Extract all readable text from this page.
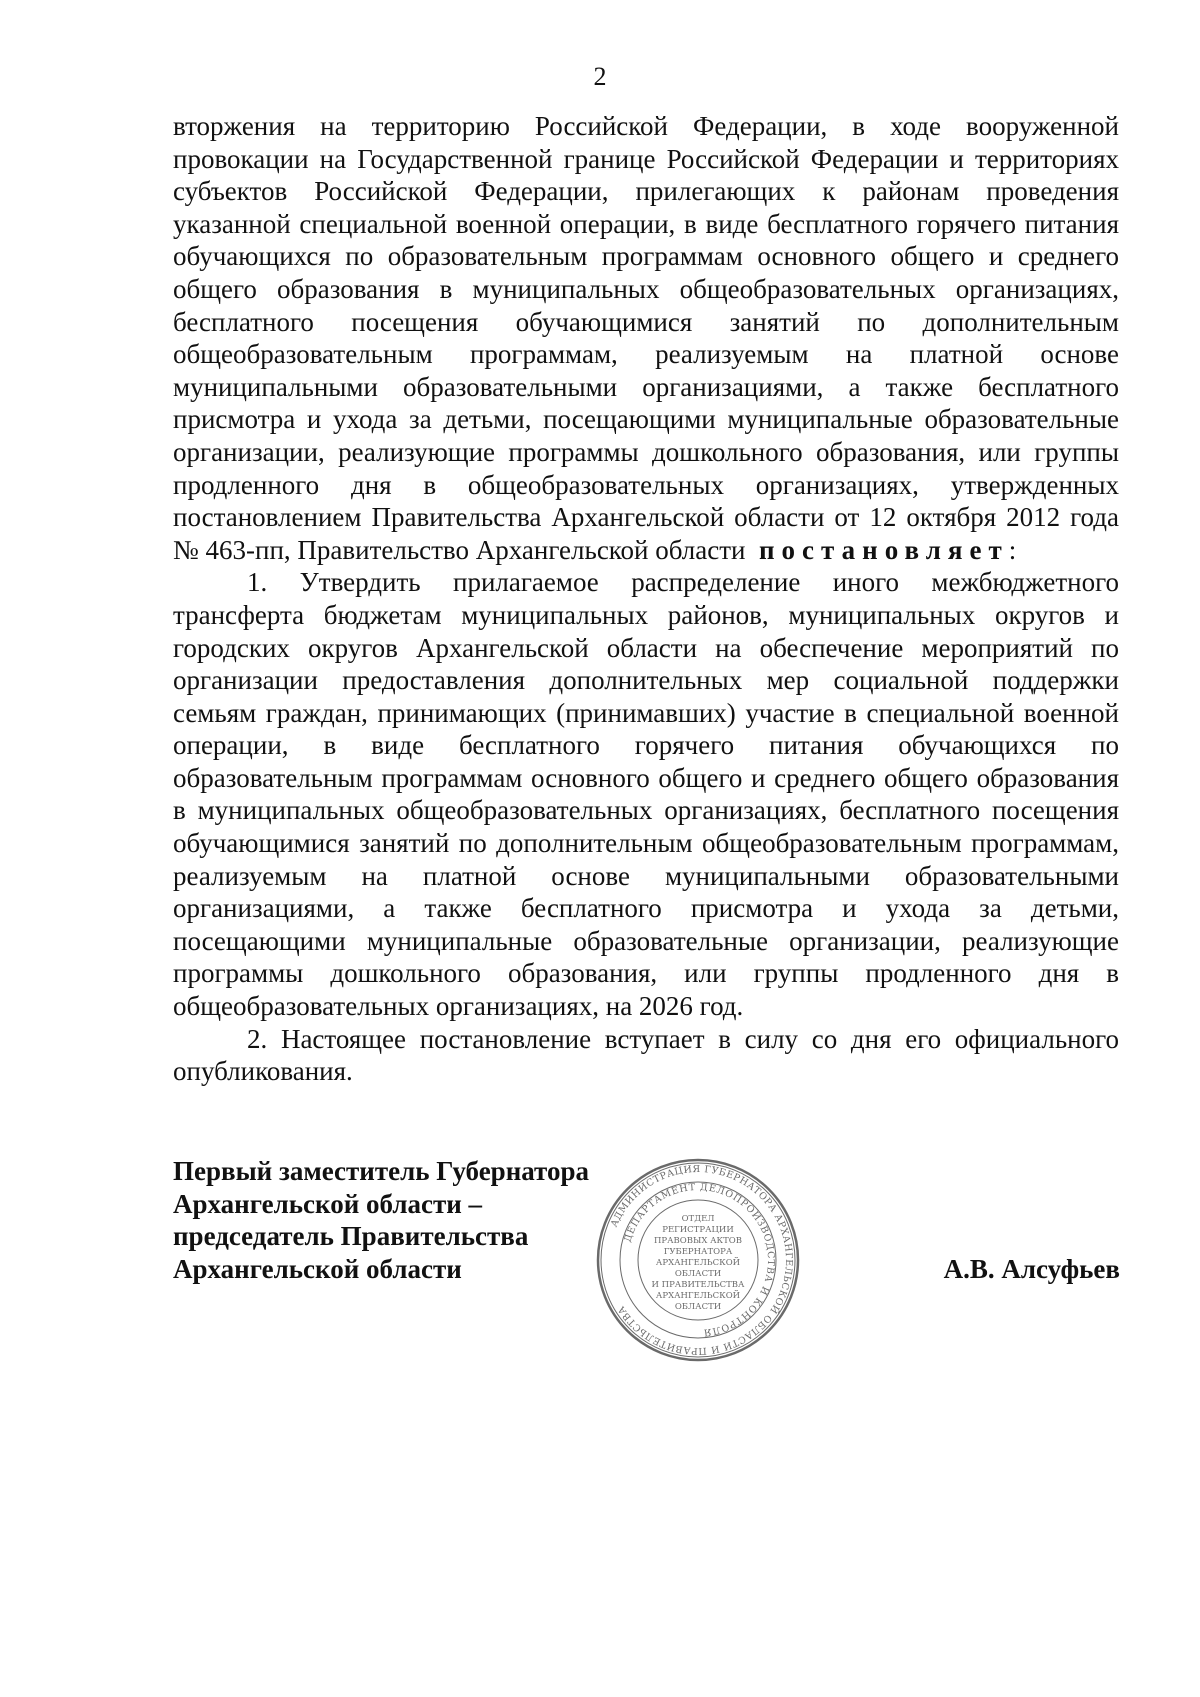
2

вторжения на территорию Российской Федерации, в ходе вооруженной провокации на Государственной границе Российской Федерации и территориях субъектов Российской Федерации, прилегающих к районам проведения указанной специальной военной операции, в виде бесплатного горячего питания обучающихся по образовательным программам основного общего и среднего общего образования в муниципальных общеобразовательных организациях, бесплатного посещения обучающимися занятий по дополнительным общеобразовательным программам, реализуемым на платной основе муниципальными образовательными организациями, а также бесплатного присмотра и ухода за детьми, посещающими муниципальные образовательные организации, реализующие программы дошкольного образования, или группы продленного дня в общеобразовательных организациях, утвержденных постановлением Правительства Архангельской области от 12 октября 2012 года № 463-пп, Правительство Архангельской области постановляет:

1. Утвердить прилагаемое распределение иного межбюджетного трансферта бюджетам муниципальных районов, муниципальных округов и городских округов Архангельской области на обеспечение мероприятий по организации предоставления дополнительных мер социальной поддержки семьям граждан, принимающих (принимавших) участие в специальной военной операции, в виде бесплатного горячего питания обучающихся по образовательным программам основного общего и среднего общего образования в муниципальных общеобразовательных организациях, бесплатного посещения обучающимися занятий по дополнительным общеобразовательным программам, реализуемым на платной основе муниципальными образовательными организациями, а также бесплатного присмотра и ухода за детьми, посещающими муниципальные образовательные организации, реализующие программы дошкольного образования, или группы продленного дня в общеобразовательных организациях, на 2026 год.

2. Настоящее постановление вступает в силу со дня его официального опубликования.

Первый заместитель Губернатора
Архангельской области –
председатель Правительства
Архангельской области	А.В. Алсуфьев
АДМИНИСТРАЦИЯ ГУБЕРНАТОРА АРХАНГЕЛЬСКОЙ ОБЛАСТИ И ПРАВИТЕЛЬСТВА
ДЕПАРТАМЕНТ ДЕЛОПРОИЗВОДСТВА И КОНТРОЛЯ
ОТДЕЛ
РЕГИСТРАЦИИ
ПРАВОВЫХ АКТОВ
ГУБЕРНАТОРА
АРХАНГЕЛЬСКОЙ
ОБЛАСТИ
И ПРАВИТЕЛЬСТВА
АРХАНГЕЛЬСКОЙ
ОБЛАСТИ
